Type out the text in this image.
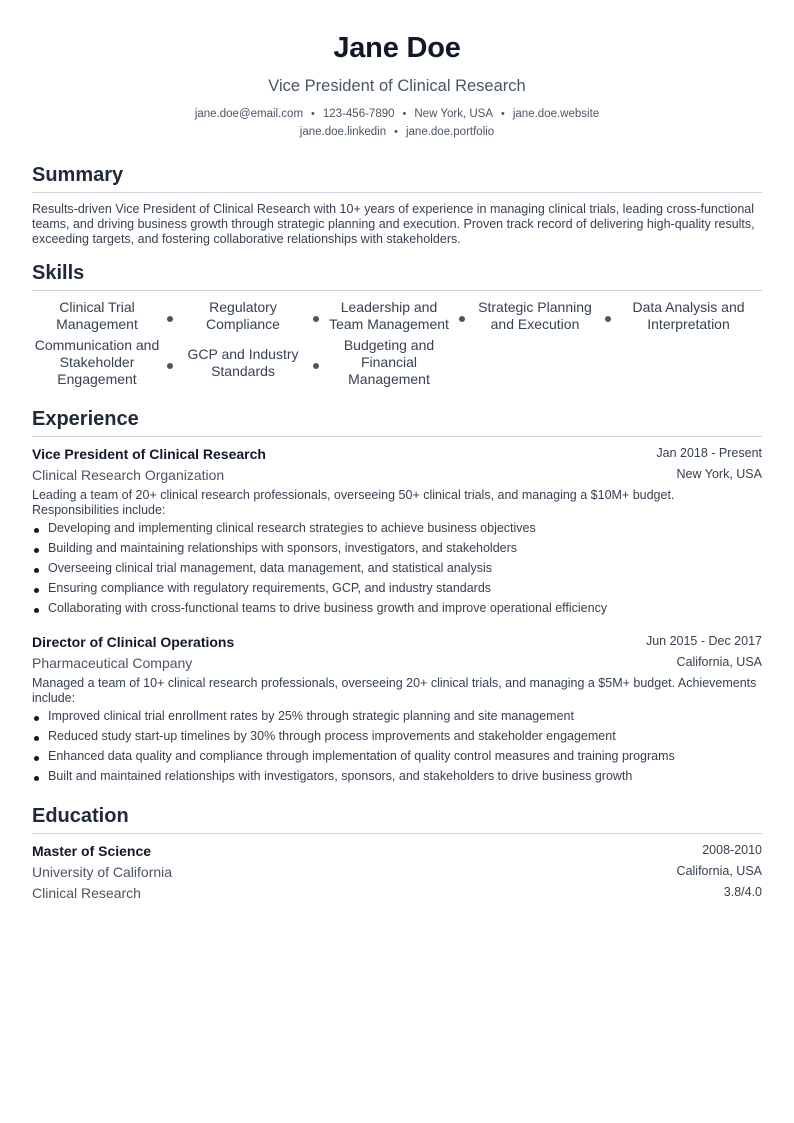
Jane Doe
Vice President of Clinical Research
jane.doe@email.com • 123-456-7890 • New York, USA • jane.doe.website
jane.doe.linkedin • jane.doe.portfolio
Summary
Results-driven Vice President of Clinical Research with 10+ years of experience in managing clinical trials, leading cross-functional teams, and driving business growth through strategic planning and execution. Proven track record of delivering high-quality results, exceeding targets, and fostering collaborative relationships with stakeholders.
Skills
Clinical Trial Management
Regulatory Compliance
Leadership and Team Management
Strategic Planning and Execution
Data Analysis and Interpretation
Communication and Stakeholder Engagement
GCP and Industry Standards
Budgeting and Financial Management
Experience
Vice President of Clinical Research	Jan 2018 - Present
Clinical Research Organization	New York, USA
Leading a team of 20+ clinical research professionals, overseeing 50+ clinical trials, and managing a $10M+ budget. Responsibilities include:
Developing and implementing clinical research strategies to achieve business objectives
Building and maintaining relationships with sponsors, investigators, and stakeholders
Overseeing clinical trial management, data management, and statistical analysis
Ensuring compliance with regulatory requirements, GCP, and industry standards
Collaborating with cross-functional teams to drive business growth and improve operational efficiency
Director of Clinical Operations	Jun 2015 - Dec 2017
Pharmaceutical Company	California, USA
Managed a team of 10+ clinical research professionals, overseeing 20+ clinical trials, and managing a $5M+ budget. Achievements include:
Improved clinical trial enrollment rates by 25% through strategic planning and site management
Reduced study start-up timelines by 30% through process improvements and stakeholder engagement
Enhanced data quality and compliance through implementation of quality control measures and training programs
Built and maintained relationships with investigators, sponsors, and stakeholders to drive business growth
Education
Master of Science	2008-2010
University of California	California, USA
Clinical Research	3.8/4.0
